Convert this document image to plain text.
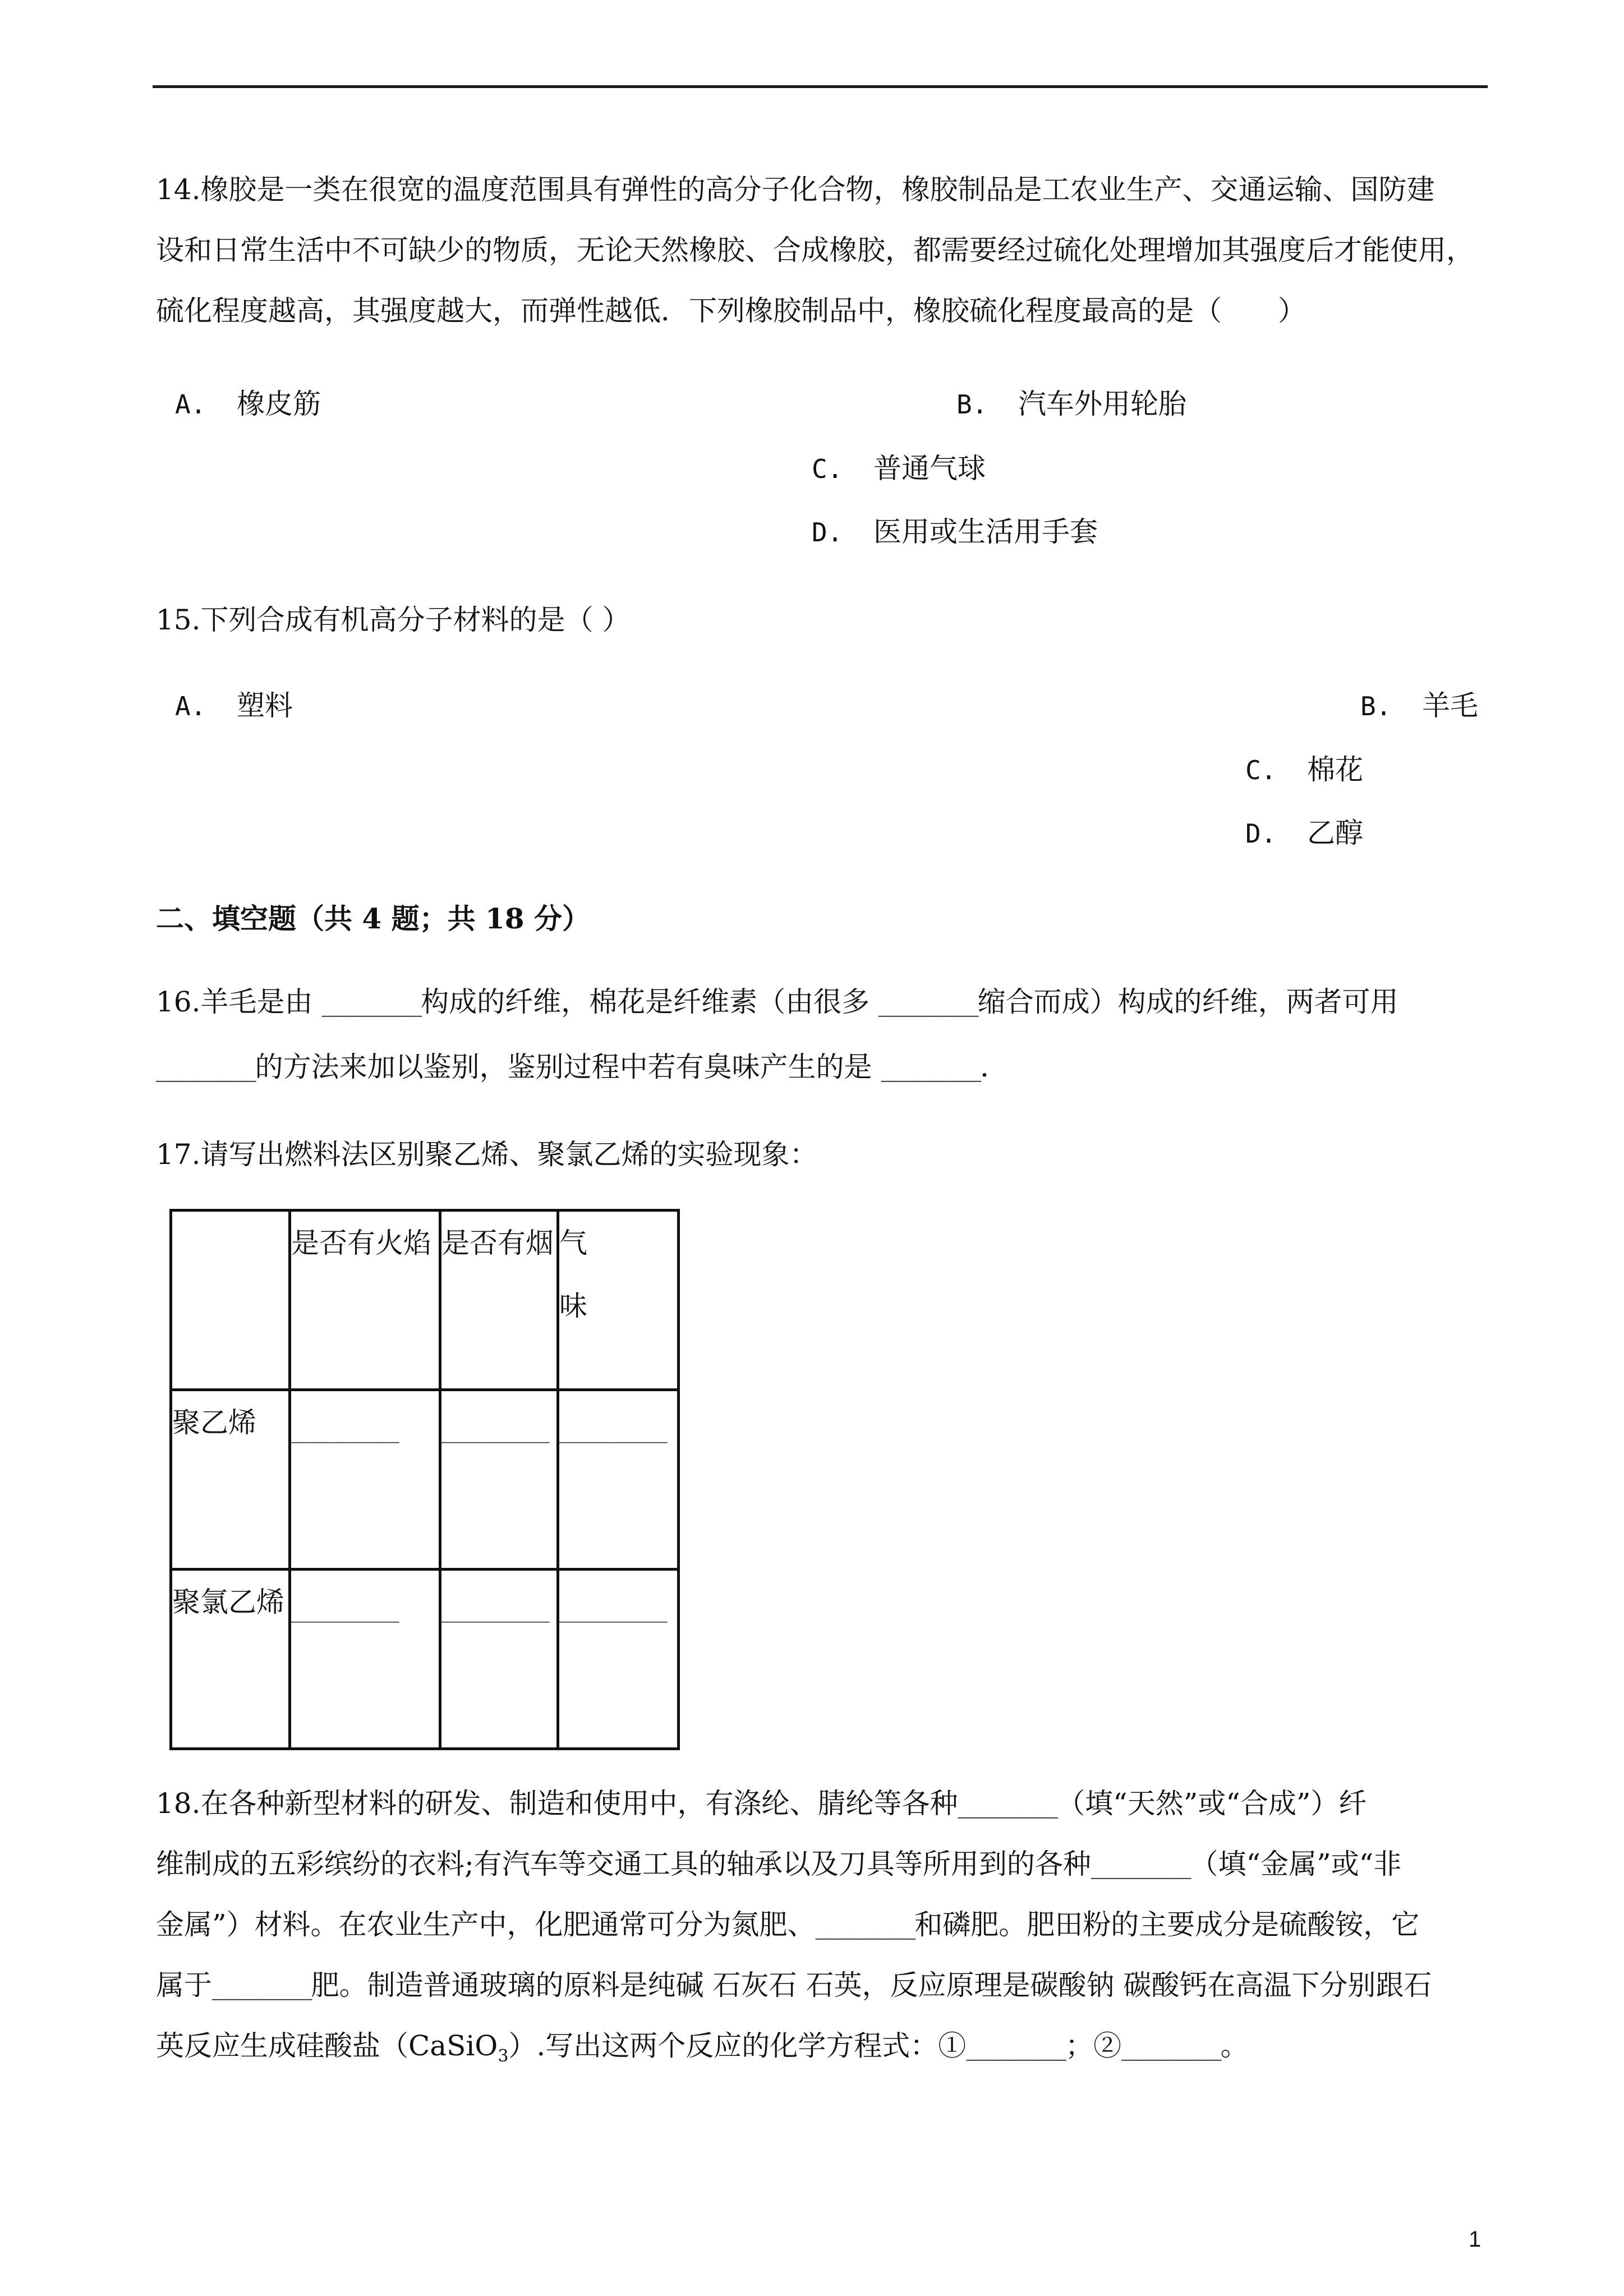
14.橡胶是一类在很宽的温度范围具有弹性的高分子化合物，橡胶制品是工农业生产、交通运输、国防建
设和日常生活中不可缺少的物质，无论天然橡胶、合成橡胶，都需要经过硫化处理增加其强度后才能使用，
硫化程度越高，其强度越大，而弹性越低．下列橡胶制品中，橡胶硫化程度最高的是（　　）
A. 橡皮筋	B. 汽车外用轮胎
C. 普通气球
D. 医用或生活用手套
15.下列合成有机高分子材料的是（ ）
A. 塑料	B. 羊毛
C. 棉花
D. 乙醇
二、填空题（共 4 题；共 18 分）
16.羊毛是由 ________构成的纤维，棉花是纤维素（由很多 ________缩合而成）构成的纤维，两者可用
________的方法来加以鉴别，鉴别过程中若有臭味产生的是 ________．
17.请写出燃料法区别聚乙烯、聚氯乙烯的实验现象：

	是否有火焰	是否有烟	气味

聚乙烯	________	________	________

聚氯乙烯	________	________	________
18.在各种新型材料的研发、制造和使用中，有涤纶、腈纶等各种________（填“天然”或“合成”）纤
维制成的五彩缤纷的衣料;有汽车等交通工具的轴承以及刀具等所用到的各种________（填“金属”或“非
金属”）材料。在农业生产中，化肥通常可分为氮肥、________和磷肥。肥田粉的主要成分是硫酸铵，它
属于________肥。制造普通玻璃的原料是纯碱 石灰石 石英，反应原理是碳酸钠 碳酸钙在高温下分别跟石
英反应生成硅酸盐（CaSiO$_3$）.写出这两个反应的化学方程式：①________；②________。
1
